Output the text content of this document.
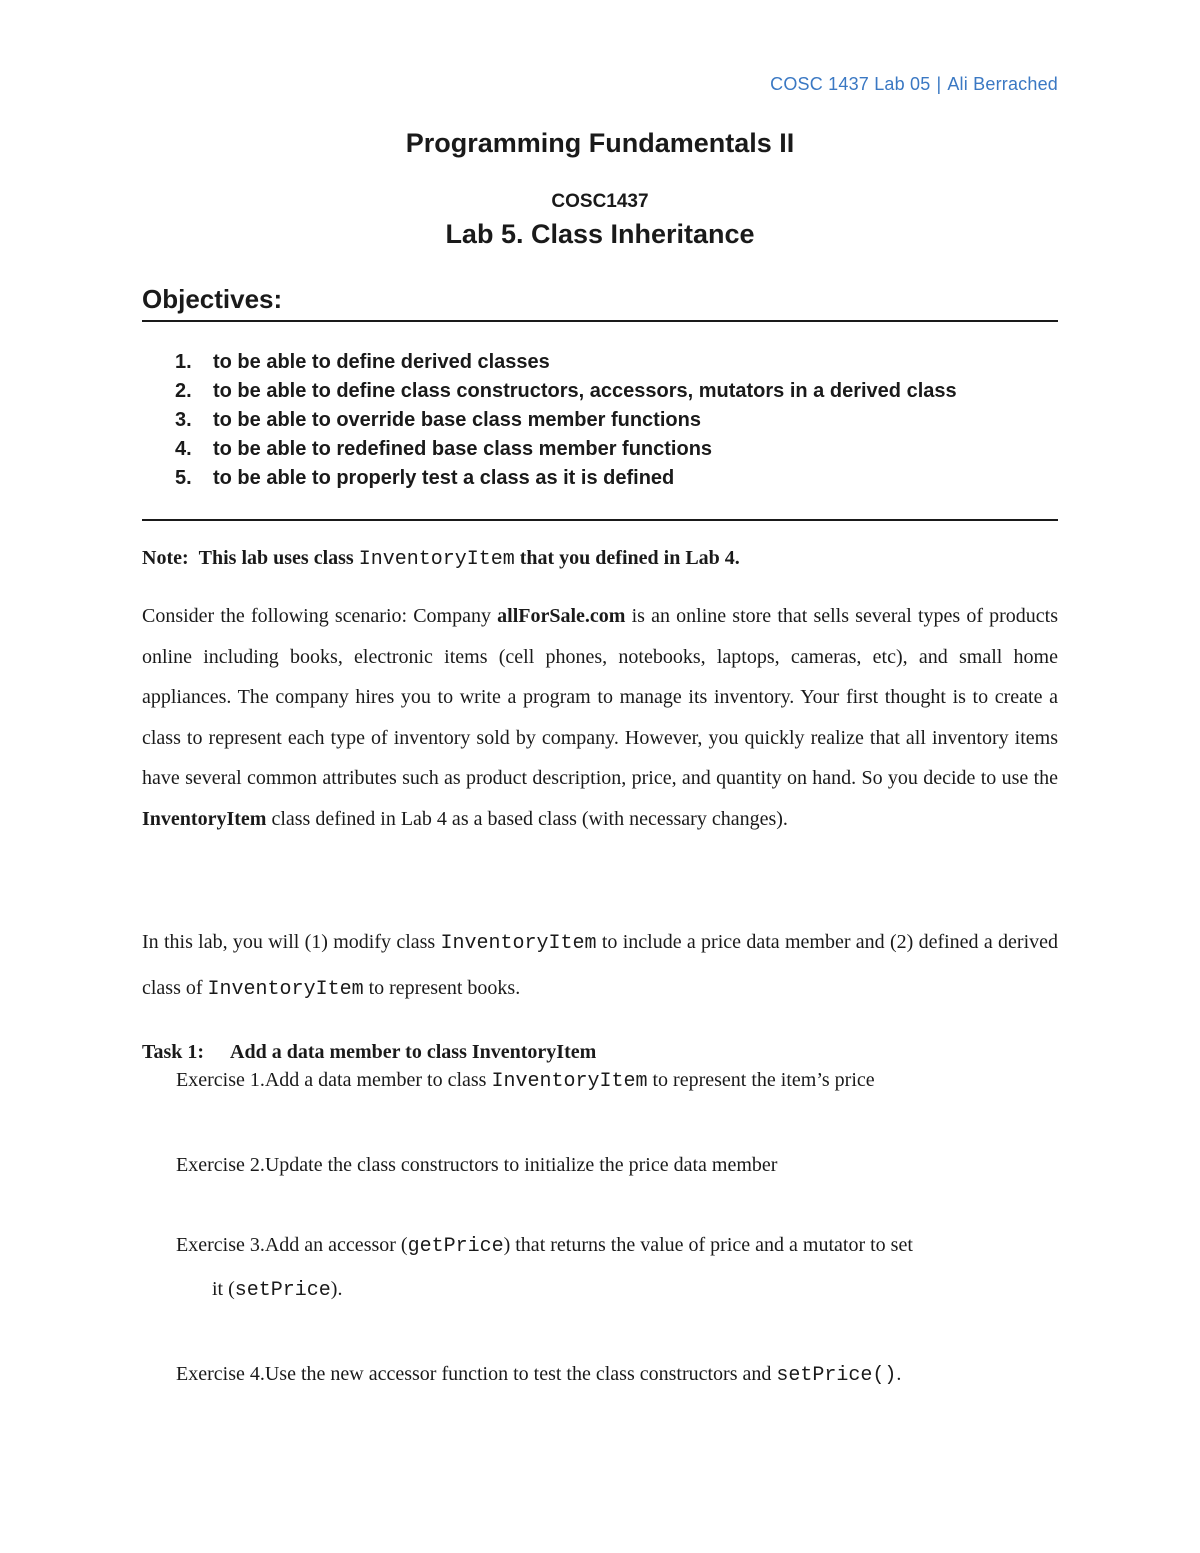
COSC 1437 Lab 05 | Ali Berrached
Programming Fundamentals II
COSC1437
Lab 5. Class Inheritance
Objectives:
1. to be able to define derived classes
2. to be able to define class constructors, accessors, mutators in a derived class
3. to be able to override base class member functions
4. to be able to redefined base class member functions
5. to be able to properly test a class as it is defined
Note: This lab uses class InventoryItem that you defined in Lab 4.
Consider the following scenario: Company allForSale.com is an online store that sells several types of products online including books, electronic items (cell phones, notebooks, laptops, cameras, etc), and small home appliances. The company hires you to write a program to manage its inventory. Your first thought is to create a class to represent each type of inventory sold by company. However, you quickly realize that all inventory items have several common attributes such as product description, price, and quantity on hand. So you decide to use the InventoryItem class defined in Lab 4 as a based class (with necessary changes).
In this lab, you will (1) modify class InventoryItem to include a price data member and (2) defined a derived class of InventoryItem to represent books.
Task 1: Add a data member to class InventoryItem
Exercise 1.Add a data member to class InventoryItem to represent the item’s price
Exercise 2.Update the class constructors to initialize the price data member
Exercise 3.Add an accessor (getPrice) that returns the value of price and a mutator to set
it (setPrice).
Exercise 4.Use the new accessor function to test the class constructors and setPrice().
